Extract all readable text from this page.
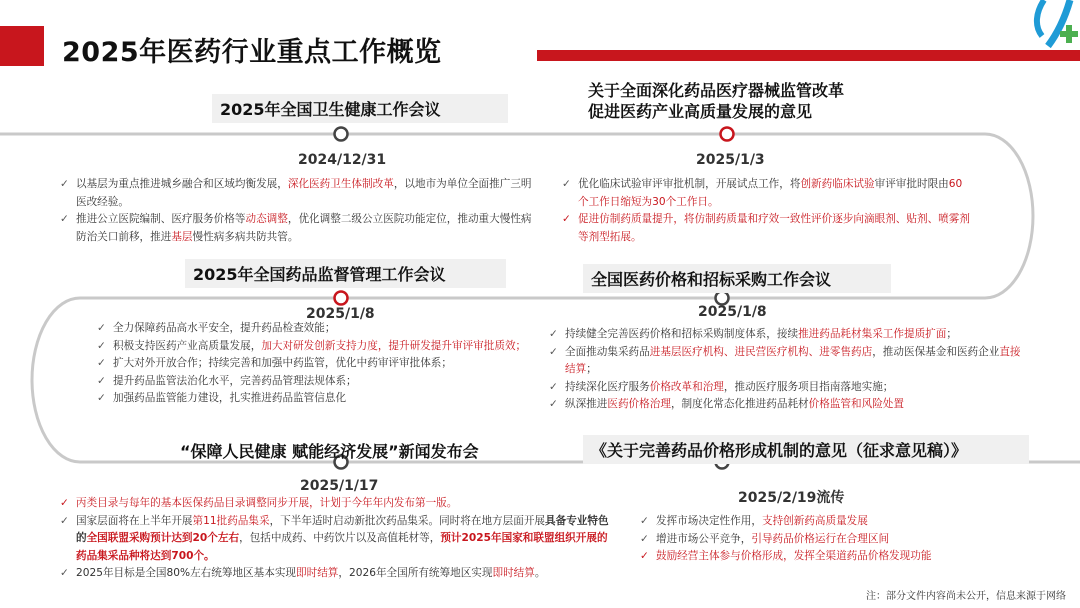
2025年医药行业重点工作概览
2025年全国卫生健康工作会议
2024/12/31
✓ 以基层为重点推进城乡融合和区域均衡发展，深化医药卫生体制改革，以地市为单位全面推广三明医改经验。
✓ 推进公立医院编制、医疗服务价格等动态调整，优化调整二级公立医院功能定位，推动重大慢性病防治关口前移，推进基层慢性病多病共防共管。
关于全面深化药品医疗器械监管改革
促进医药产业高质量发展的意见
2025/1/3
✓ 优化临床试验审评审批机制，开展试点工作，将创新药临床试验审评审批时限由60个工作日缩短为30个工作日。
✓ 促进仿制药质量提升，将仿制药质量和疗效一致性评价逐步向滴眼剂、贴剂、喷雾剂等剂型拓展。
2025年全国药品监督管理工作会议
2025/1/8
✓ 全力保障药品高水平安全，提升药品检查效能；
✓ 积极支持医药产业高质量发展，加大对研发创新支持力度，提升研发提升审评审批质效；
✓ 扩大对外开放合作；持续完善和加强中药监管，优化中药审评审批体系；
✓ 提升药品监管法治化水平，完善药品管理法规体系；
✓ 加强药品监管能力建设，扎实推进药品监管信息化
全国医药价格和招标采购工作会议
2025/1/8
✓ 持续健全完善医药价格和招标采购制度体系，接续推进药品耗材集采工作提质扩面；
✓ 全面推动集采药品进基层医疗机构、进民营医疗机构、进零售药店，推动医保基金和医药企业直接结算；
✓ 持续深化医疗服务价格改革和治理，推动医疗服务项目指南落地实施；
✓ 纵深推进医药价格治理，制度化常态化推进药品耗材价格监管和风险处置
“保障人民健康 赋能经济发展”新闻发布会
2025/1/17
✓ 丙类目录与每年的基本医保药品目录调整同步开展，计划于今年年内发布第一版。
✓ 国家层面将在上半年开展第11批药品集采，下半年适时启动新批次药品集采。同时将在地方层面开展具备专业特色的全国联盟采购预计达到20个左右，包括中成药、中药饮片以及高值耗材等，预计2025年国家和联盟组织开展的药品集采品种将达到700个。
✓ 2025年目标是全国80%左右统筹地区基本实现即时结算，2026年全国所有统筹地区实现即时结算。
《关于完善药品价格形成机制的意见（征求意见稿）》
2025/2/19流传
✓ 发挥市场决定性作用，支持创新药高质量发展
✓ 增进市场公平竞争，引导药品价格运行在合理区间
✓ 鼓励经营主体参与价格形成，发挥全渠道药品价格发现功能
注：部分文件内容尚未公开，信息来源于网络
